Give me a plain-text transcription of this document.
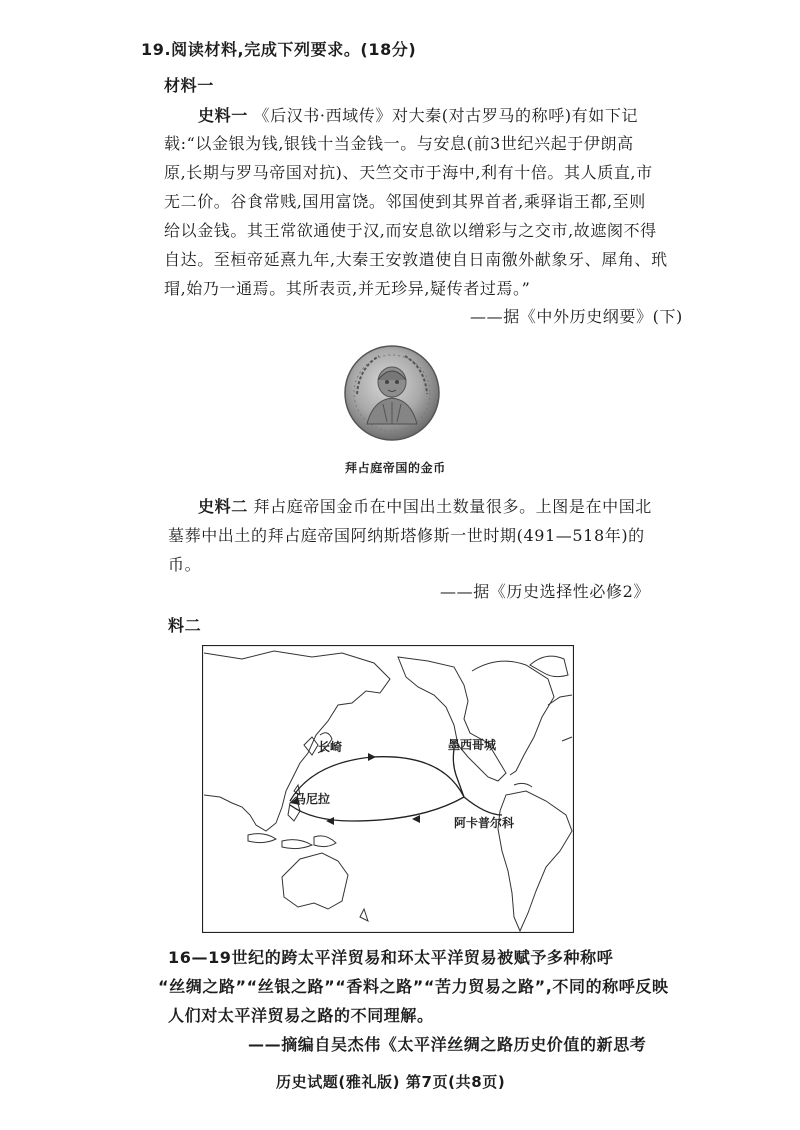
19.阅读材料,完成下列要求。(18分)
材料一
史料一 《后汉书·西域传》对大秦(对古罗马的称呼)有如下记
载:“以金银为钱,银钱十当金钱一。与安息(前3世纪兴起于伊朗高
原,长期与罗马帝国对抗)、天竺交市于海中,利有十倍。其人质直,市
无二价。谷食常贱,国用富饶。邻国使到其界首者,乘驿诣王都,至则
给以金钱。其王常欲通使于汉,而安息欲以缯彩与之交市,故遮阂不得
自达。至桓帝延熹九年,大秦王安敦遣使自日南徼外献象牙、犀角、玳
瑁,始乃一通焉。其所表贡,并无珍异,疑传者过焉。”
——据《中外历史纲要》(下)
拜占庭帝国的金币
史料二 拜占庭帝国金币在中国出土数量很多。上图是在中国北
墓葬中出土的拜占庭帝国阿纳斯塔修斯一世时期(491—518年)的
币。
——据《历史选择性必修2》
料二
长崎	墨西哥城
马尼拉
阿卡普尔科
16—19世纪的跨太平洋贸易和环太平洋贸易被赋予多种称呼
“丝绸之路”“丝银之路”“香料之路”“苦力贸易之路”,不同的称呼反映
人们对太平洋贸易之路的不同理解。
——摘编自吴杰伟《太平洋丝绸之路历史价值的新思考
历史试题(雅礼版) 第7页(共8页)
